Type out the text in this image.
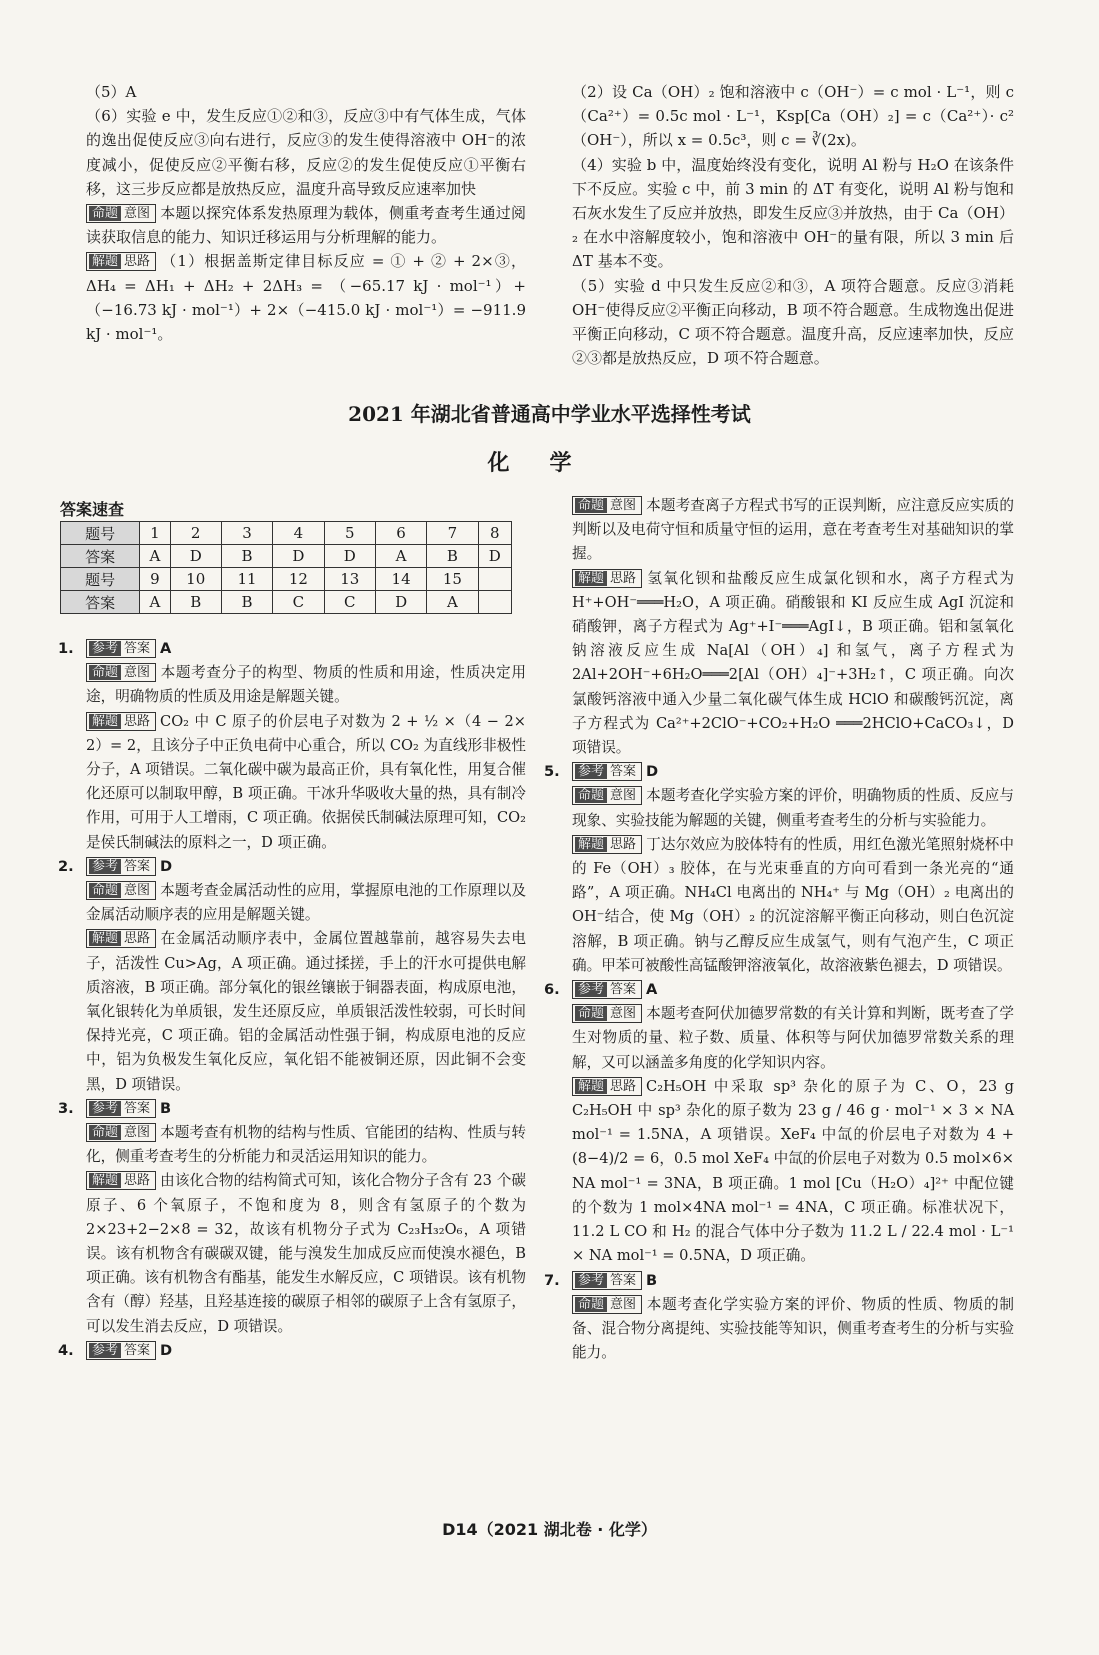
（5）A

（6）实验 e 中，发生反应①②和③，反应③中有气体生成，气体的逸出促使反应③向右进行，反应③的发生使得溶液中 OH⁻的浓度减小，促使反应②平衡右移，反应②的发生促使反应①平衡右移，这三步反应都是放热反应，温度升高导致反应速率加快

命题 意图 本题以探究体系发热原理为载体，侧重考查考生通过阅读获取信息的能力、知识迁移运用与分析理解的能力。

解题 思路 （1）根据盖斯定律目标反应 = ① + ② + 2×③，ΔH₄ = ΔH₁ + ΔH₂ + 2ΔH₃ = （−65.17 kJ · mol⁻¹）+（−16.73 kJ · mol⁻¹）+ 2×（−415.0 kJ · mol⁻¹）= −911.9 kJ · mol⁻¹。

（2）设 Ca（OH）₂ 饱和溶液中 c（OH⁻）= c mol · L⁻¹，则 c（Ca²⁺）= 0.5c mol · L⁻¹，Ksp[Ca（OH）₂] = c（Ca²⁺）· c²（OH⁻），所以 x = 0.5c³，则 c = ∛(2x)。

（4）实验 b 中，温度始终没有变化，说明 Al 粉与 H₂O 在该条件下不反应。实验 c 中，前 3 min 的 ΔT 有变化，说明 Al 粉与饱和石灰水发生了反应并放热，即发生反应③并放热，由于 Ca（OH）₂ 在水中溶解度较小，饱和溶液中 OH⁻的量有限，所以 3 min 后 ΔT 基本不变。

（5）实验 d 中只发生反应②和③，A 项符合题意。反应③消耗 OH⁻使得反应②平衡正向移动，B 项不符合题意。生成物逸出促进平衡正向移动，C 项不符合题意。温度升高，反应速率加快，反应②③都是放热反应，D 项不符合题意。

2021 年湖北省普通高中学业水平选择性考试
化学
答案速查
题号	1	2	3	4	5	6	7	8
答案	A	D	B	D	D	A	B	D
题号	9	10	11	12	13	14	15	
答案	A	B	B	C	C	D	A	

1. 参考 答案 A

命题 意图 本题考查分子的构型、物质的性质和用途，性质决定用途，明确物质的性质及用途是解题关键。

解题 思路 CO₂ 中 C 原子的价层电子对数为 2 + ½ ×（4 − 2× 2）= 2，且该分子中正负电荷中心重合，所以 CO₂ 为直线形非极性分子，A 项错误。二氧化碳中碳为最高正价，具有氧化性，用复合催化还原可以制取甲醇，B 项正确。干冰升华吸收大量的热，具有制冷作用，可用于人工增雨，C 项正确。依据侯氏制碱法原理可知，CO₂ 是侯氏制碱法的原料之一，D 项正确。

2. 参考 答案 D

命题 意图 本题考查金属活动性的应用，掌握原电池的工作原理以及金属活动顺序表的应用是解题关键。

解题 思路 在金属活动顺序表中，金属位置越靠前，越容易失去电子，活泼性 Cu>Ag，A 项正确。通过揉搓，手上的汗水可提供电解质溶液，B 项正确。部分氧化的银丝镶嵌于铜器表面，构成原电池，氧化银转化为单质银，发生还原反应，单质银活泼性较弱，可长时间保持光亮，C 项正确。铝的金属活动性强于铜，构成原电池的反应中，铝为负极发生氧化反应，氧化铝不能被铜还原，因此铜不会变黑，D 项错误。

3. 参考 答案 B

命题 意图 本题考查有机物的结构与性质、官能团的结构、性质与转化，侧重考查考生的分析能力和灵活运用知识的能力。

解题 思路 由该化合物的结构简式可知，该化合物分子含有 23 个碳原子、6 个氧原子，不饱和度为 8，则含有氢原子的个数为 2×23+2−2×8 = 32，故该有机物分子式为 C₂₃H₃₂O₆，A 项错误。该有机物含有碳碳双键，能与溴发生加成反应而使溴水褪色，B 项正确。该有机物含有酯基，能发生水解反应，C 项错误。该有机物含有（醇）羟基，且羟基连接的碳原子相邻的碳原子上含有氢原子，可以发生消去反应，D 项错误。

4. 参考 答案 D

命题 意图 本题考查离子方程式书写的正误判断，应注意反应实质的判断以及电荷守恒和质量守恒的运用，意在考查考生对基础知识的掌握。

解题 思路 氢氧化钡和盐酸反应生成氯化钡和水，离子方程式为 H⁺+OH⁻═══H₂O，A 项正确。硝酸银和 KI 反应生成 AgI 沉淀和硝酸钾，离子方程式为 Ag⁺+I⁻═══AgI↓，B 项正确。铝和氢氧化钠溶液反应生成 Na[Al（OH）₄] 和氢气，离子方程式为 2Al+2OH⁻+6H₂O═══2[Al（OH）₄]⁻+3H₂↑，C 项正确。向次氯酸钙溶液中通入少量二氧化碳气体生成 HClO 和碳酸钙沉淀，离子方程式为 Ca²⁺+2ClO⁻+CO₂+H₂O ═══2HClO+CaCO₃↓，D 项错误。

5. 参考 答案 D

命题 意图 本题考查化学实验方案的评价，明确物质的性质、反应与现象、实验技能为解题的关键，侧重考查考生的分析与实验能力。

解题 思路 丁达尔效应为胶体特有的性质，用红色激光笔照射烧杯中的 Fe（OH）₃ 胶体，在与光束垂直的方向可看到一条光亮的“通路”，A 项正确。NH₄Cl 电离出的 NH₄⁺ 与 Mg（OH）₂ 电离出的 OH⁻结合，使 Mg（OH）₂ 的沉淀溶解平衡正向移动，则白色沉淀溶解，B 项正确。钠与乙醇反应生成氢气，则有气泡产生，C 项正确。甲苯可被酸性高锰酸钾溶液氧化，故溶液紫色褪去，D 项错误。

6. 参考 答案 A

命题 意图 本题考查阿伏加德罗常数的有关计算和判断，既考查了学生对物质的量、粒子数、质量、体积等与阿伏加德罗常数关系的理解，又可以涵盖多角度的化学知识内容。

解题 思路 C₂H₅OH 中采取 sp³ 杂化的原子为 C、O，23 g C₂H₅OH 中 sp³ 杂化的原子数为 23 g / 46 g · mol⁻¹ × 3 × NA mol⁻¹ = 1.5NA，A 项错误。XeF₄ 中氙的价层电子对数为 4 + (8−4)/2 = 6，0.5 mol XeF₄ 中氙的价层电子对数为 0.5 mol×6× NA mol⁻¹ = 3NA，B 项正确。1 mol [Cu（H₂O）₄]²⁺ 中配位键的个数为 1 mol×4NA mol⁻¹ = 4NA，C 项正确。标准状况下，11.2 L CO 和 H₂ 的混合气体中分子数为 11.2 L / 22.4 mol · L⁻¹ × NA mol⁻¹ = 0.5NA，D 项正确。

7. 参考 答案 B

命题 意图 本题考查化学实验方案的评价、物质的性质、物质的制备、混合物分离提纯、实验技能等知识，侧重考查考生的分析与实验能力。

D14（2021 湖北卷 · 化学）
